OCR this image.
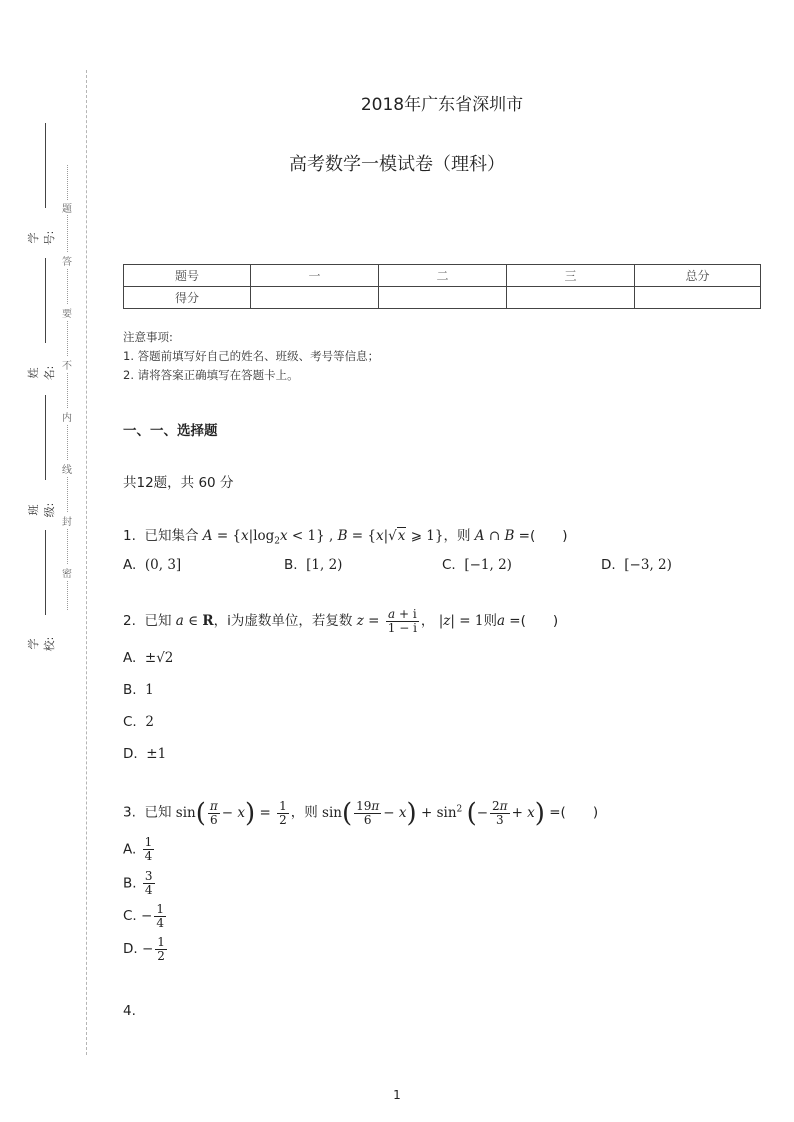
题
答
要
不
内
线
封
密
学号:
姓名:
班级:
学校:
2018年广东省深圳市
高考数学一模试卷（理科）
题号	一	二	三	总分
得分				
注意事项:
1. 答题前填写好自己的姓名、班级、考号等信息；
2. 请将答案正确填写在答题卡上。
一、一、选择题
共12题，共 60 分
1. 已知集合 $A = \{x|\log_2x < 1\}$ , B = {x|√x ⩾ 1}，则 A ∩ B =(　　)
A. (0, 3]	B. [1, 2)	C. [−1, 2)	D. [−3, 2)
2. 已知 a ∈ R，i为虚数单位，若复数 $z = \frac{a + i}{1 - i}$ ， |z| = 1则a =(　　)
A. ±√2
B. 1
C. 2
D. ±1
3. 已知 $\sin( \frac{\pi}{6} - x) = \frac{1}{2}$ ，则 $\sin( \frac{19\pi}{6} - x) + \sin^2$ (− $\frac{2\pi}{3} + x$) =(　　)
A. $\frac{1}{4}$
B. $\frac{3}{4}$
C. − $\frac{1}{4}$
D. − $\frac{1}{2}$
4.
1
